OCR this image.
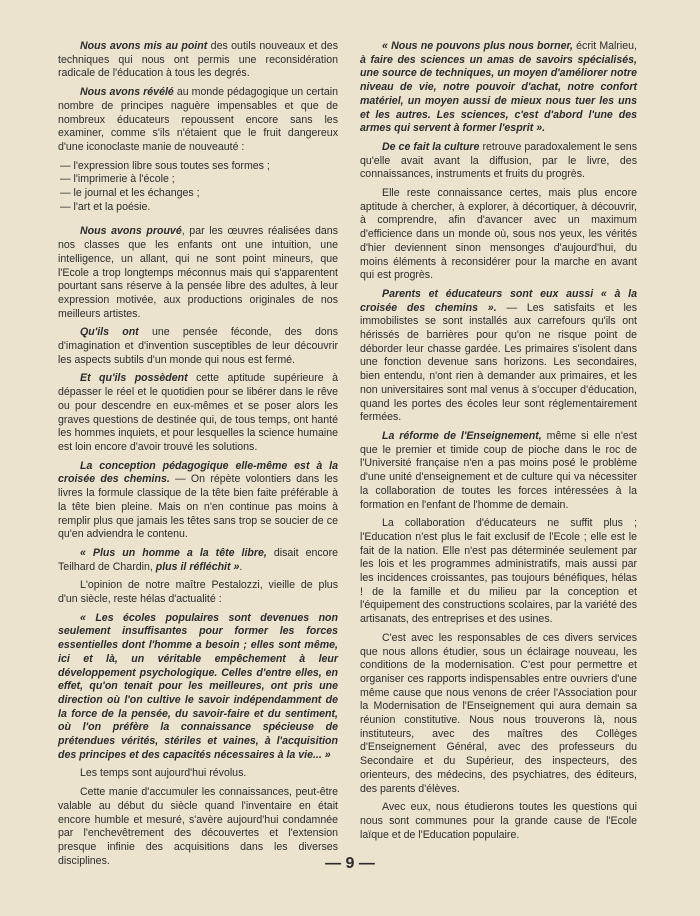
Nous avons mis au point des outils nouveaux et des techniques qui nous ont permis une reconsidération radicale de l'éducation à tous les degrés.

Nous avons révélé au monde pédagogique un certain nombre de principes naguère impensables et que de nombreux éducateurs repoussent encore sans les examiner, comme s'ils n'étaient que le fruit dangereux d'une iconoclaste manie de nouveauté :

— l'expression libre sous toutes ses formes ;
— l'imprimerie à l'école ;
— le journal et les échanges ;
— l'art et la poésie.

Nous avons prouvé, par les œuvres réalisées dans nos classes que les enfants ont une intuition, une intelligence, un allant, qui ne sont point mineurs, que l'Ecole a trop longtemps méconnus mais qui s'apparentent pourtant sans réserve à la pensée libre des adultes, à leur expression motivée, aux productions originales de nos meilleurs artistes.

Qu'ils ont une pensée féconde, des dons d'imagination et d'invention susceptibles de leur découvrir les aspects subtils d'un monde qui nous est fermé.

Et qu'ils possèdent cette aptitude supérieure à dépasser le réel et le quotidien pour se libérer dans le rêve ou pour descendre en eux-mêmes et se poser alors les graves questions de destinée qui, de tous temps, ont hanté les hommes inquiets, et pour lesquelles la science humaine est loin encore d'avoir trouvé les solutions.

La conception pédagogique elle-même est à la croisée des chemins. — On répète volontiers dans les livres la formule classique de la tête bien faite préférable à la tête bien pleine. Mais on n'en continue pas moins à remplir plus que jamais les têtes sans trop se soucier de ce qu'en adviendra le contenu.

« Plus un homme a la tête libre, disait encore Teilhard de Chardin, plus il réfléchit ».

L'opinion de notre maître Pestalozzi, vieille de plus d'un siècle, reste hélas d'actualité :

« Les écoles populaires sont devenues non seulement insuffisantes pour former les forces essentielles dont l'homme a besoin ; elles sont même, ici et là, un véritable empêchement à leur développement psychologique. Celles d'entre elles, en effet, qu'on tenait pour les meilleures, ont pris une direction où l'on cultive le savoir indépendamment de la force de la pensée, du savoir-faire et du sentiment, où l'on préfère la connaissance spécieuse de prétendues vérités, stériles et vaines, à l'acquisition des principes et des capacités nécessaires à la vie... »

Les temps sont aujourd'hui révolus.

Cette manie d'accumuler les connaissances, peut-être valable au début du siècle quand l'inventaire en était encore humble et mesuré, s'avère aujourd'hui condamnée par l'enchevêtrement des découvertes et l'extension presque infinie des acquisitions dans les diverses disciplines.

« Nous ne pouvons plus nous borner, écrit Malrieu, à faire des sciences un amas de savoirs spécialisés, une source de techniques, un moyen d'améliorer notre niveau de vie, notre pouvoir d'achat, notre confort matériel, un moyen aussi de mieux nous tuer les uns et les autres. Les sciences, c'est d'abord l'une des armes qui servent à former l'esprit ».

De ce fait la culture retrouve paradoxalement le sens qu'elle avait avant la diffusion, par le livre, des connaissances, instruments et fruits du progrès.

Elle reste connaissance certes, mais plus encore aptitude à chercher, à explorer, à décortiquer, à découvrir, à comprendre, afin d'avancer avec un maximum d'efficience dans un monde où, sous nos yeux, les vérités d'hier deviennent sinon mensonges d'aujourd'hui, du moins éléments à reconsidérer pour la marche en avant qui est progrès.

Parents et éducateurs sont eux aussi « à la croisée des chemins ». — Les satisfaits et les immobilistes se sont installés aux carrefours qu'ils ont hérissés de barrières pour qu'on ne risque point de déborder leur chasse gardée. Les primaires s'isolent dans une fonction devenue sans horizons. Les secondaires, bien entendu, n'ont rien à demander aux primaires, et les non universitaires sont mal venus à s'occuper d'éducation, quand les portes des écoles leur sont réglementairement fermées.

La réforme de l'Enseignement, même si elle n'est que le premier et timide coup de pioche dans le roc de l'Université française n'en a pas moins posé le problème d'une unité d'enseignement et de culture qui va nécessiter la collaboration de toutes les forces intéressées à la formation en l'enfant de l'homme de demain.

La collaboration d'éducateurs ne suffit plus ; l'Education n'est plus le fait exclusif de l'Ecole ; elle est le fait de la nation. Elle n'est pas déterminée seulement par les lois et les programmes administratifs, mais aussi par les incidences croissantes, pas toujours bénéfiques, hélas ! de la famille et du milieu par la conception et l'équipement des constructions scolaires, par la variété des artisanats, des entreprises et des usines.

C'est avec les responsables de ces divers services que nous allons étudier, sous un éclairage nouveau, les conditions de la modernisation. C'est pour permettre et organiser ces rapports indispensables entre ouvriers d'une même cause que nous venons de créer l'Association pour la Modernisation de l'Enseignement qui aura demain sa réunion constitutive. Nous nous trouverons là, nous instituteurs, avec des maîtres des Collèges d'Enseignement Général, avec des professeurs du Secondaire et du Supérieur, des inspecteurs, des orienteurs, des médecins, des psychiatres, des éditeurs, des parents d'élèves.

Avec eux, nous étudierons toutes les questions qui nous sont communes pour la grande cause de l'Ecole laïque et de l'Education populaire.

— 9 —
